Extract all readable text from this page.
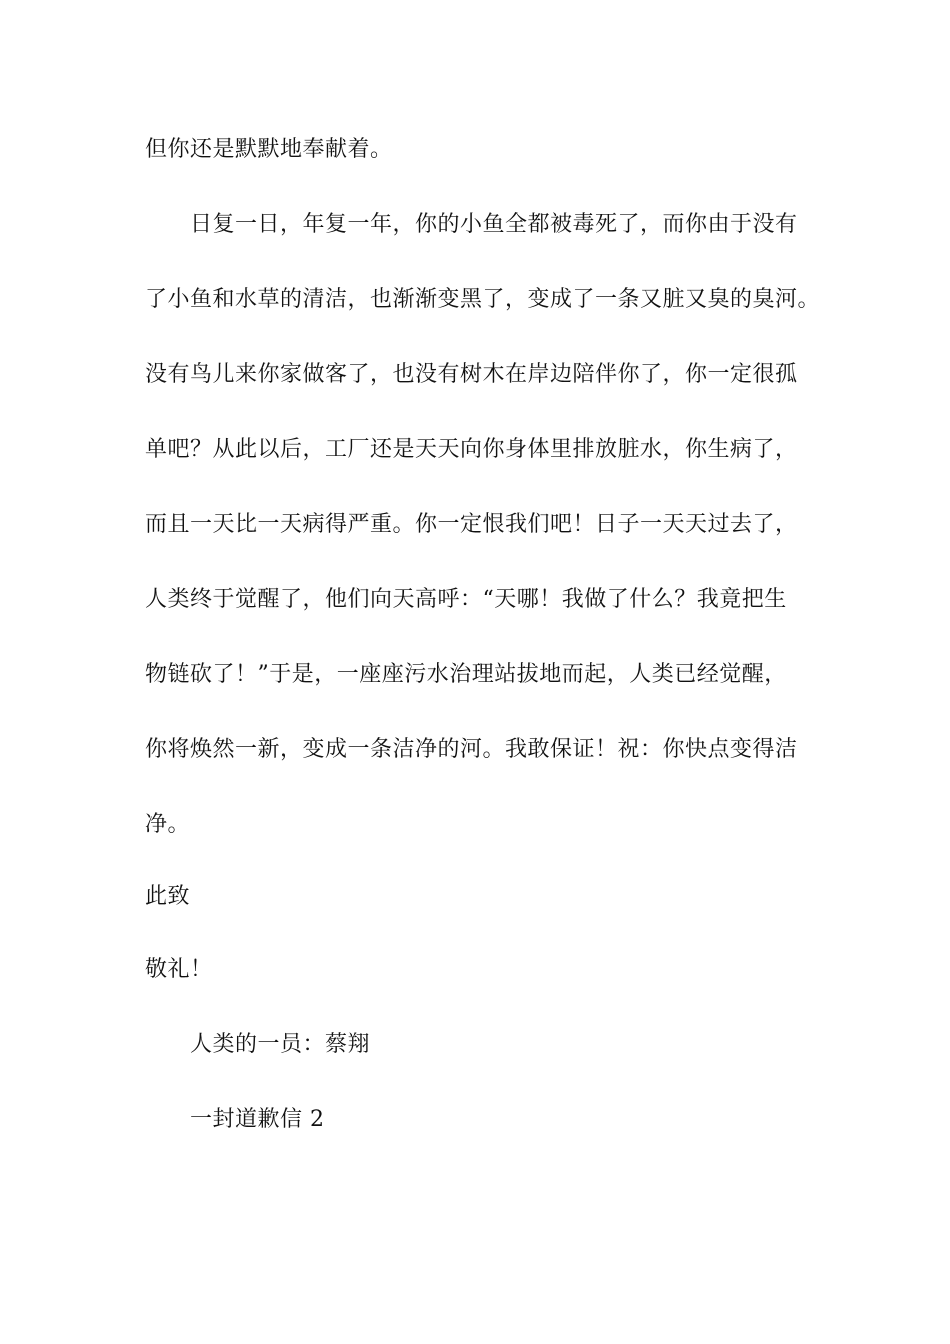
但你还是默默地奉献着。
日复一日，年复一年，你的小鱼全都被毒死了，而你由于没有
了小鱼和水草的清洁，也渐渐变黑了，变成了一条又脏又臭的臭河。
没有鸟儿来你家做客了，也没有树木在岸边陪伴你了，你一定很孤
单吧？从此以后，工厂还是天天向你身体里排放脏水，你生病了，
而且一天比一天病得严重。你一定恨我们吧！日子一天天过去了，
人类终于觉醒了，他们向天高呼：“天哪！我做了什么？我竟把生
物链砍了！”于是，一座座污水治理站拔地而起，人类已经觉醒，
你将焕然一新，变成一条洁净的河。我敢保证！祝：你快点变得洁
净。
此致
敬礼！
人类的一员：蔡翔
一封道歉信 2
